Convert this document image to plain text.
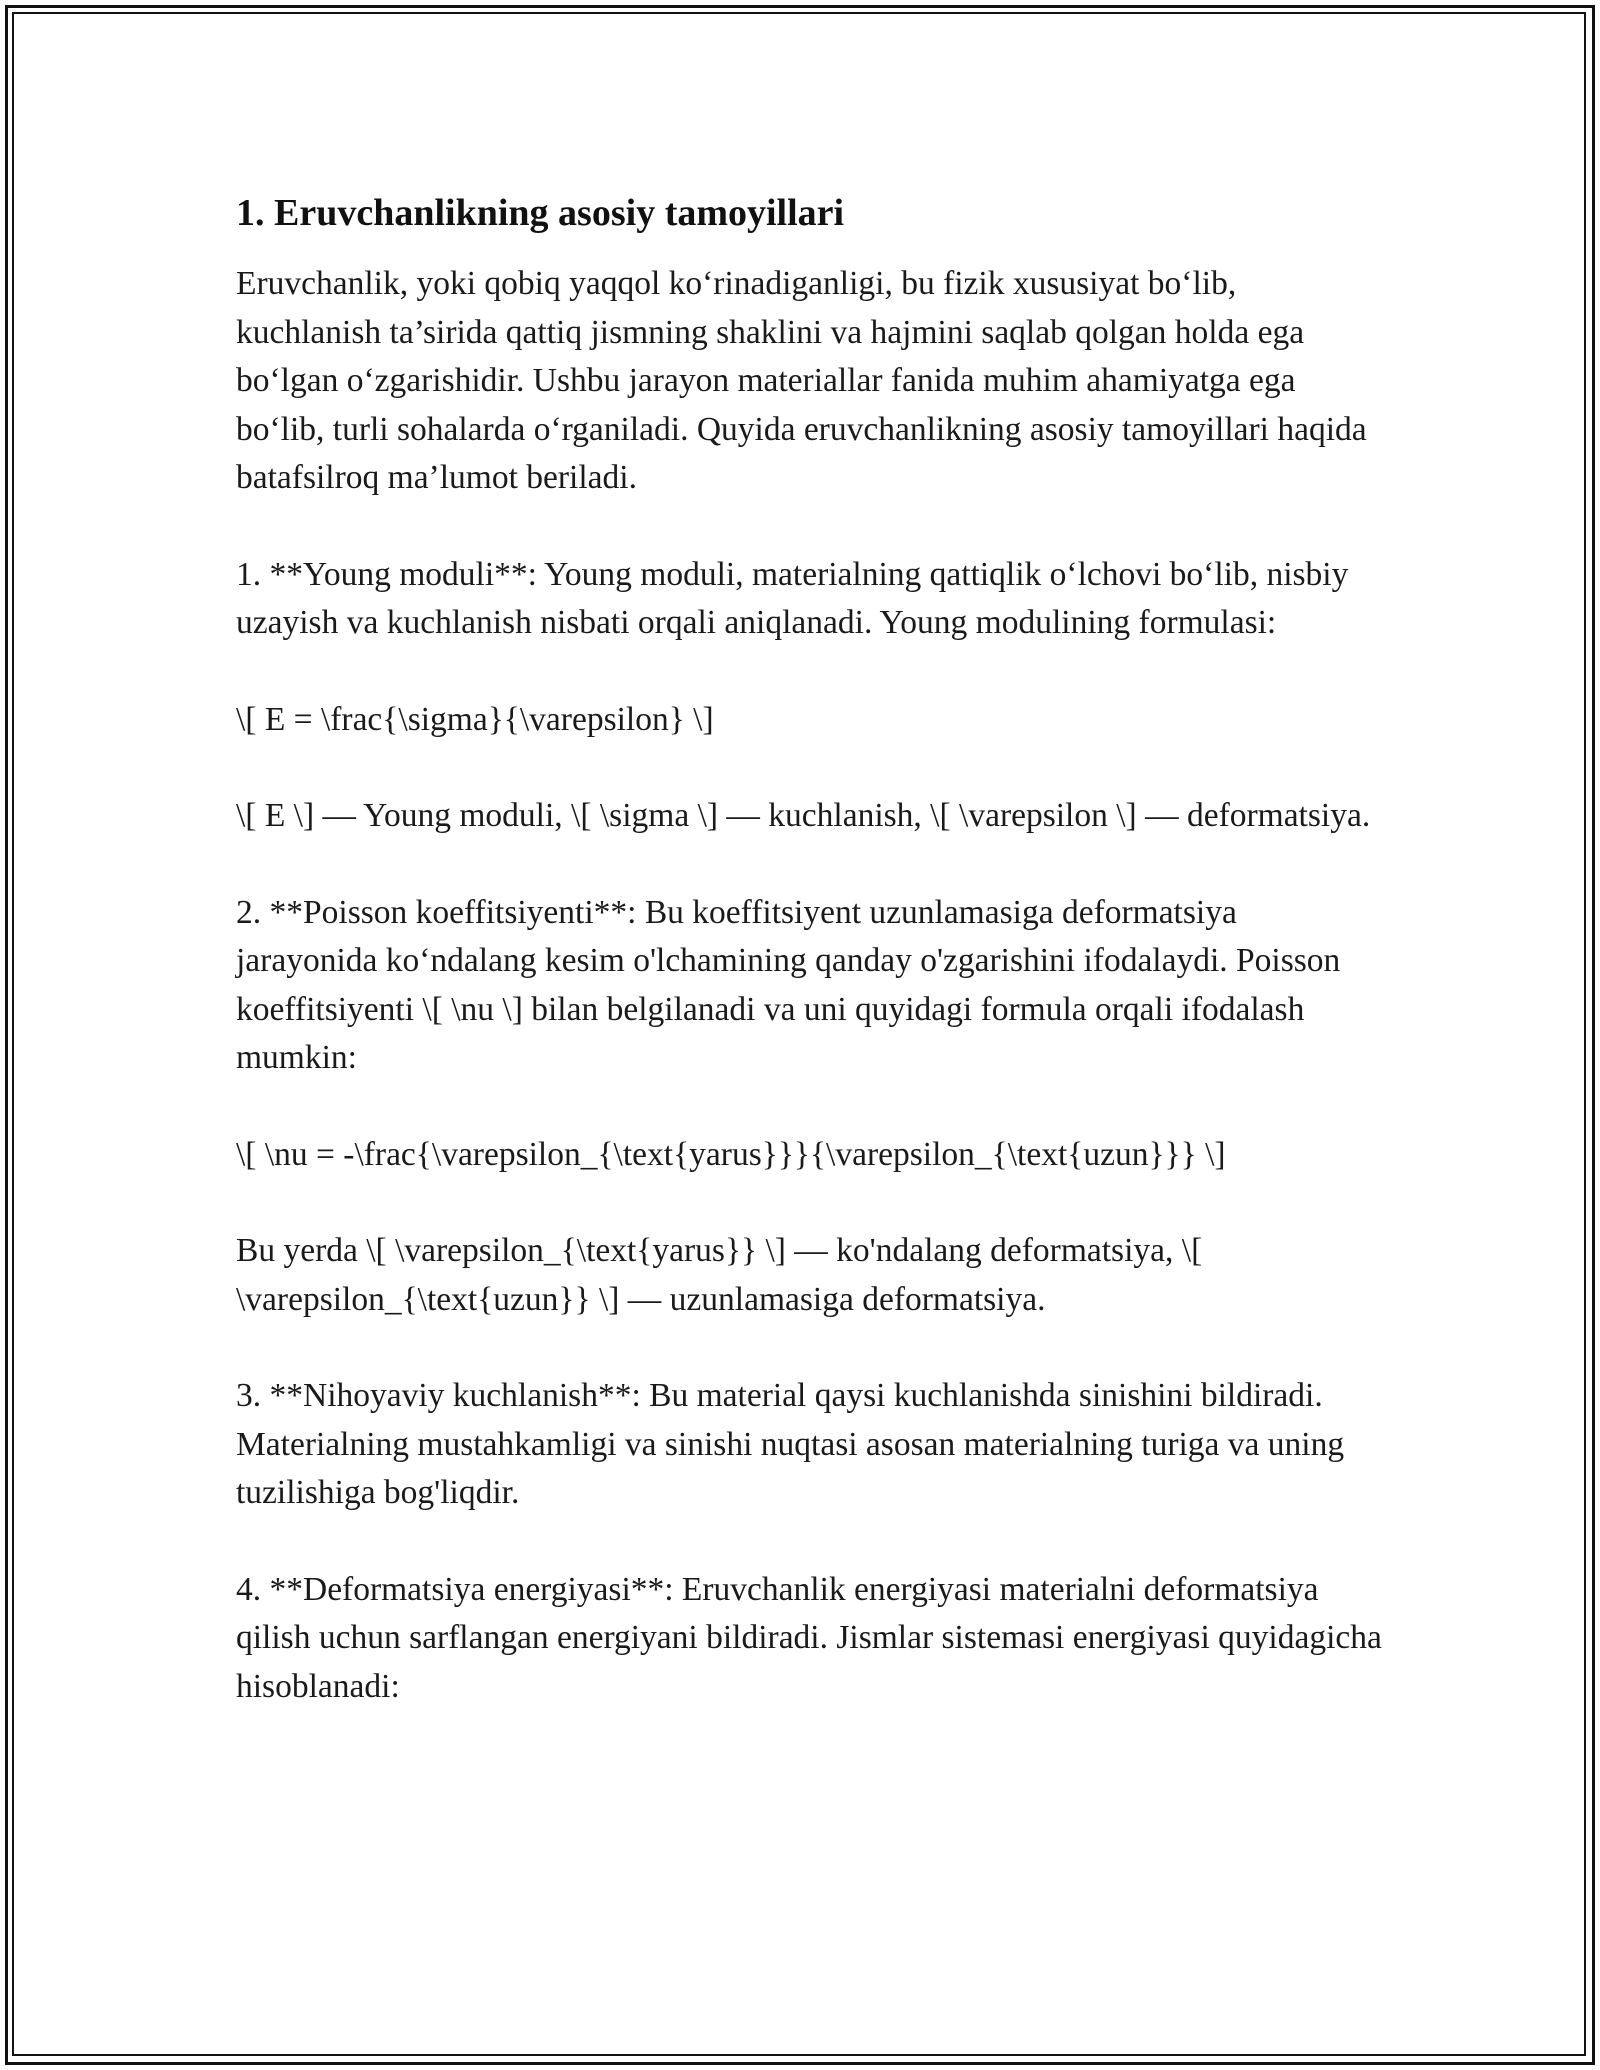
1. Eruvchanlikning asosiy tamoyillari

Eruvchanlik, yoki qobiq yaqqol ko‘rinadiganligi, bu fizik xususiyat bo‘lib, kuchlanish ta’sirida qattiq jismning shaklini va hajmini saqlab qolgan holda ega bo‘lgan o‘zgarishidir. Ushbu jarayon materiallar fanida muhim ahamiyatga ega bo‘lib, turli sohalarda o‘rganiladi. Quyida eruvchanlikning asosiy tamoyillari haqida batafsilroq ma’lumot beriladi.

1. **Young moduli**: Young moduli, materialning qattiqlik o‘lchovi bo‘lib, nisbiy uzayish va kuchlanish nisbati orqali aniqlanadi. Young modulining formulasi:

\[ E = \frac{\sigma}{\varepsilon} \]

\[ E \] — Young moduli, \[ \sigma \] — kuchlanish, \[ \varepsilon \] — deformatsiya.

2. **Poisson koeffitsiyenti**: Bu koeffitsiyent uzunlamasiga deformatsiya jarayonida ko‘ndalang kesim o'lchamining qanday o'zgarishini ifodalaydi. Poisson koeffitsiyenti \[ \nu \] bilan belgilanadi va uni quyidagi formula orqali ifodalash mumkin:

\[ \nu = -\frac{\varepsilon_{\text{yarus}}}{\varepsilon_{\text{uzun}}} \]

Bu yerda \[ \varepsilon_{\text{yarus}} \] — ko'ndalang deformatsiya, \[ \varepsilon_{\text{uzun}} \] — uzunlamasiga deformatsiya.

3. **Nihoyaviy kuchlanish**: Bu material qaysi kuchlanishda sinishini bildiradi. Materialning mustahkamligi va sinishi nuqtasi asosan materialning turiga va uning tuzilishiga bog'liqdir.

4. **Deformatsiya energiyasi**: Eruvchanlik energiyasi materialni deformatsiya qilish uchun sarflangan energiyani bildiradi. Jismlar sistemasi energiyasi quyidagicha hisoblanadi:
